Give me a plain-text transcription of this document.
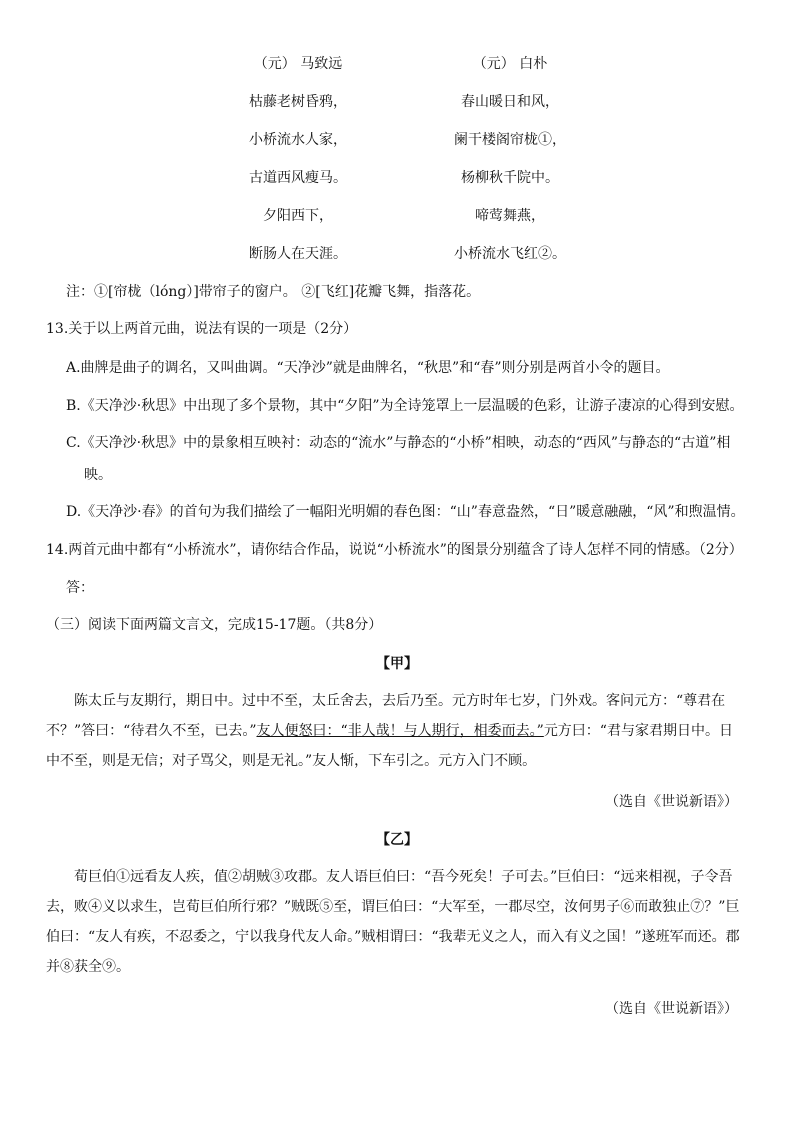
（元） 马致远
枯藤老树昏鸦，
小桥流水人家，
古道西风瘦马。
夕阳西下，
断肠人在天涯。
（元） 白朴
春山暖日和风，
阑干楼阁帘栊①，
杨柳秋千院中。
啼莺舞燕，
小桥流水飞红②。
注：①[帘栊（lóng）]带帘子的窗户。 ②[飞红]花瓣飞舞，指落花。
13.关于以上两首元曲，说法有误的一项是（2分）
A.曲牌是曲子的调名，又叫曲调。“天净沙”就是曲牌名，“秋思”和“春”则分别是两首小令的题目。
B.《天净沙·秋思》中出现了多个景物，其中“夕阳”为全诗笼罩上一层温暖的色彩，让游子凄凉的心得到安慰。
C.《天净沙·秋思》中的景象相互映衬：动态的“流水”与静态的“小桥”相映，动态的“西风”与静态的“古道”相
映。
D.《天净沙·春》的首句为我们描绘了一幅阳光明媚的春色图：“山”春意盎然，“日”暖意融融，“风”和煦温情。
14.两首元曲中都有“小桥流水”，请你结合作品，说说“小桥流水”的图景分别蕴含了诗人怎样不同的情感。（2分）
答：
（三）阅读下面两篇文言文，完成15-17题。（共8分）
【甲】
陈太丘与友期行，期日中。过中不至，太丘舍去，去后乃至。元方时年七岁，门外戏。客问元方：“尊君在不？”答曰：“待君久不至，已去。”友人便怒曰：“非人哉！与人期行，相委而去。”元方曰：“君与家君期日中。日中不至，则是无信；对子骂父，则是无礼。”友人惭，下车引之。元方入门不顾。
（选自《世说新语》）
【乙】
荀巨伯①远看友人疾，值②胡贼③攻郡。友人语巨伯曰：“吾今死矣！子可去。”巨伯曰：“远来相视，子令吾去，败④义以求生，岂荀巨伯所行邪？”贼既⑤至，谓巨伯曰：“大军至，一郡尽空，汝何男子⑥而敢独止⑦？”巨伯曰：“友人有疾，不忍委之，宁以我身代友人命。”贼相谓曰：“我辈无义之人，而入有义之国！”遂班军而还。郡并⑧获全⑨。
（选自《世说新语》）
